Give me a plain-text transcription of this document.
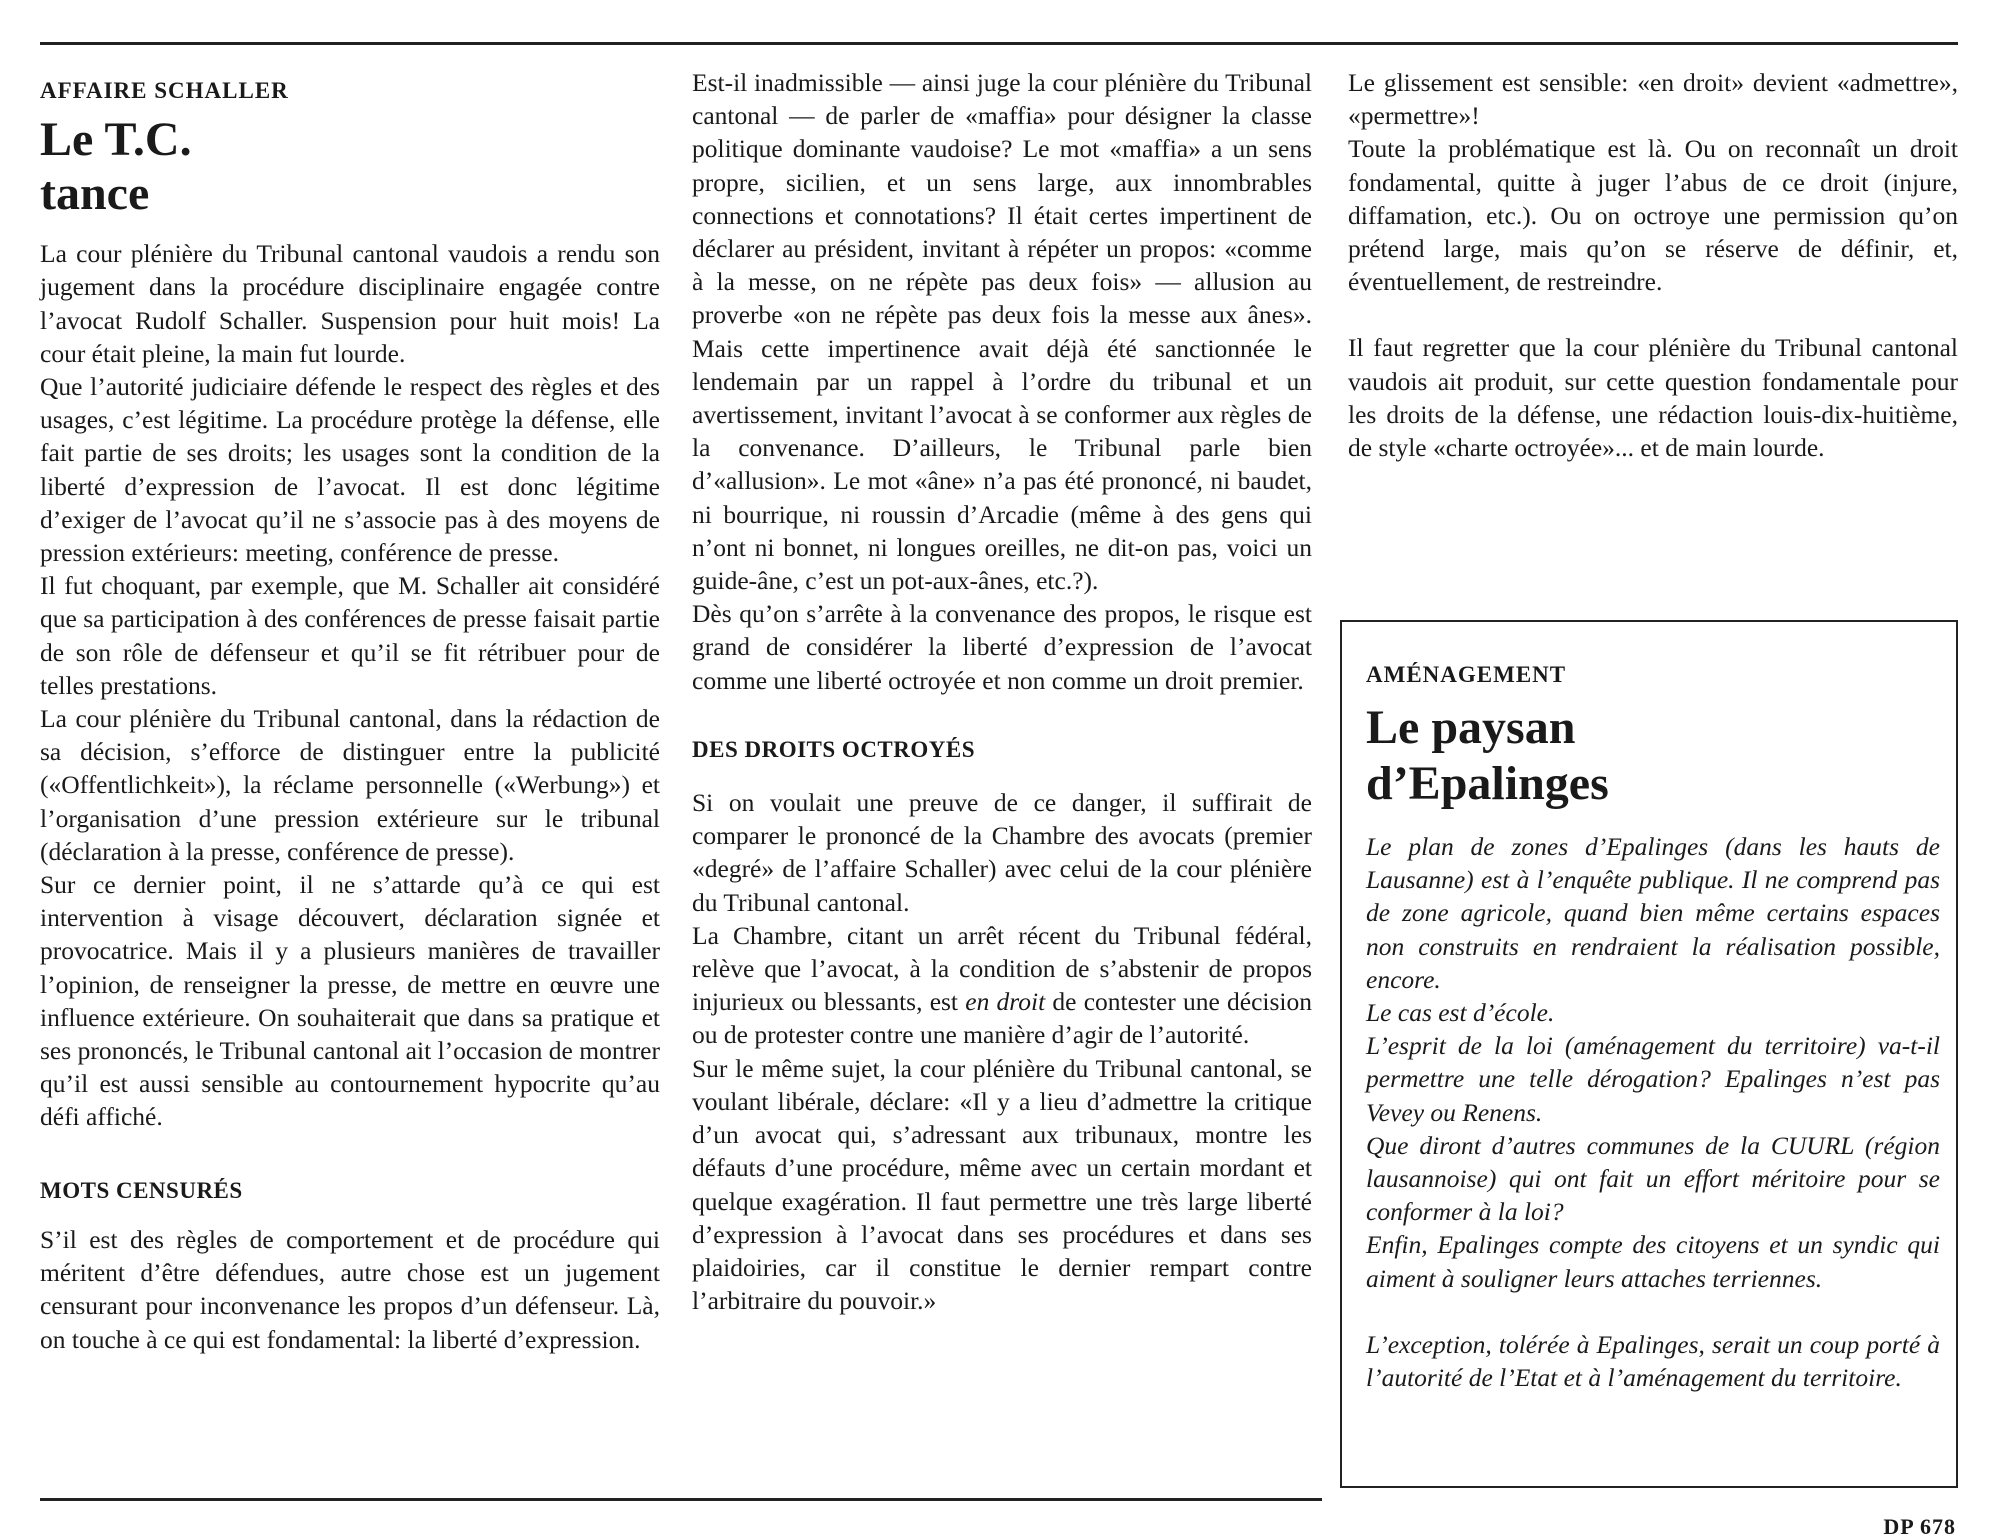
AFFAIRE SCHALLER
Le T.C.
tance

La cour plénière du Tribunal cantonal vaudois a rendu son jugement dans la procédure disciplinaire engagée contre l’avocat Rudolf Schaller. Suspension pour huit mois! La cour était pleine, la main fut lourde.

Que l’autorité judiciaire défende le respect des règles et des usages, c’est légitime. La procédure protège la défense, elle fait partie de ses droits; les usages sont la condition de la liberté d’expression de l’avocat. Il est donc légitime d’exiger de l’avocat qu’il ne s’associe pas à des moyens de pression extérieurs: meeting, conférence de presse.

Il fut choquant, par exemple, que M. Schaller ait considéré que sa participation à des conférences de presse faisait partie de son rôle de défenseur et qu’il se fit rétribuer pour de telles prestations.

La cour plénière du Tribunal cantonal, dans la rédaction de sa décision, s’efforce de distinguer entre la publicité («Offentlichkeit»), la réclame personnelle («Werbung») et l’organisation d’une pression extérieure sur le tribunal (déclaration à la presse, conférence de presse).

Sur ce dernier point, il ne s’attarde qu’à ce qui est intervention à visage découvert, déclaration signée et provocatrice. Mais il y a plusieurs manières de travailler l’opinion, de renseigner la presse, de mettre en œuvre une influence extérieure. On souhaiterait que dans sa pratique et ses prononcés, le Tribunal cantonal ait l’occasion de montrer qu’il est aussi sensible au contournement hypocrite qu’au défi affiché.

MOTS CENSURÉS

S’il est des règles de comportement et de procédure qui méritent d’être défendues, autre chose est un jugement censurant pour inconvenance les propos d’un défenseur. Là, on touche à ce qui est fondamental: la liberté d’expression.

Est-il inadmissible — ainsi juge la cour plénière du Tribunal cantonal — de parler de «maffia» pour désigner la classe politique dominante vaudoise? Le mot «maffia» a un sens propre, sicilien, et un sens large, aux innombrables connections et connotations? Il était certes impertinent de déclarer au président, invitant à répéter un propos: «comme à la messe, on ne répète pas deux fois» — allusion au proverbe «on ne répète pas deux fois la messe aux ânes». Mais cette impertinence avait déjà été sanctionnée le lendemain par un rappel à l’ordre du tribunal et un avertissement, invitant l’avocat à se conformer aux règles de la convenance. D’ailleurs, le Tribunal parle bien d’«allusion». Le mot «âne» n’a pas été prononcé, ni baudet, ni bourrique, ni roussin d’Arcadie (même à des gens qui n’ont ni bonnet, ni longues oreilles, ne dit-on pas, voici un guide-âne, c’est un pot-aux-ânes, etc.?).

Dès qu’on s’arrête à la convenance des propos, le risque est grand de considérer la liberté d’expression de l’avocat comme une liberté octroyée et non comme un droit premier.

DES DROITS OCTROYÉS

Si on voulait une preuve de ce danger, il suffirait de comparer le prononcé de la Chambre des avocats (premier «degré» de l’affaire Schaller) avec celui de la cour plénière du Tribunal cantonal.

La Chambre, citant un arrêt récent du Tribunal fédéral, relève que l’avocat, à la condition de s’abstenir de propos injurieux ou blessants, est en droit de contester une décision ou de protester contre une manière d’agir de l’autorité.

Sur le même sujet, la cour plénière du Tribunal cantonal, se voulant libérale, déclare: «Il y a lieu d’admettre la critique d’un avocat qui, s’adressant aux tribunaux, montre les défauts d’une procédure, même avec un certain mordant et quelque exagération. Il faut permettre une très large liberté d’expression à l’avocat dans ses procédures et dans ses plaidoiries, car il constitue le dernier rempart contre l’arbitraire du pouvoir.»

Le glissement est sensible: «en droit» devient «admettre», «permettre»!

Toute la problématique est là. Ou on reconnaît un droit fondamental, quitte à juger l’abus de ce droit (injure, diffamation, etc.). Ou on octroye une permission qu’on prétend large, mais qu’on se réserve de définir, et, éventuellement, de restreindre.

Il faut regretter que la cour plénière du Tribunal cantonal vaudois ait produit, sur cette question fondamentale pour les droits de la défense, une rédaction louis-dix-huitième, de style «charte octroyée»... et de main lourde.

AMÉNAGEMENT
Le paysan
d’Epalinges

Le plan de zones d’Epalinges (dans les hauts de Lausanne) est à l’enquête publique. Il ne comprend pas de zone agricole, quand bien même certains espaces non construits en rendraient la réalisation possible, encore.

Le cas est d’école.

L’esprit de la loi (aménagement du territoire) va-t-il permettre une telle dérogation? Epalinges n’est pas Vevey ou Renens.

Que diront d’autres communes de la CUURL (région lausannoise) qui ont fait un effort méritoire pour se conformer à la loi?

Enfin, Epalinges compte des citoyens et un syndic qui aiment à souligner leurs attaches terriennes.

L’exception, tolérée à Epalinges, serait un coup porté à l’autorité de l’Etat et à l’aménagement du territoire.

DP 678
